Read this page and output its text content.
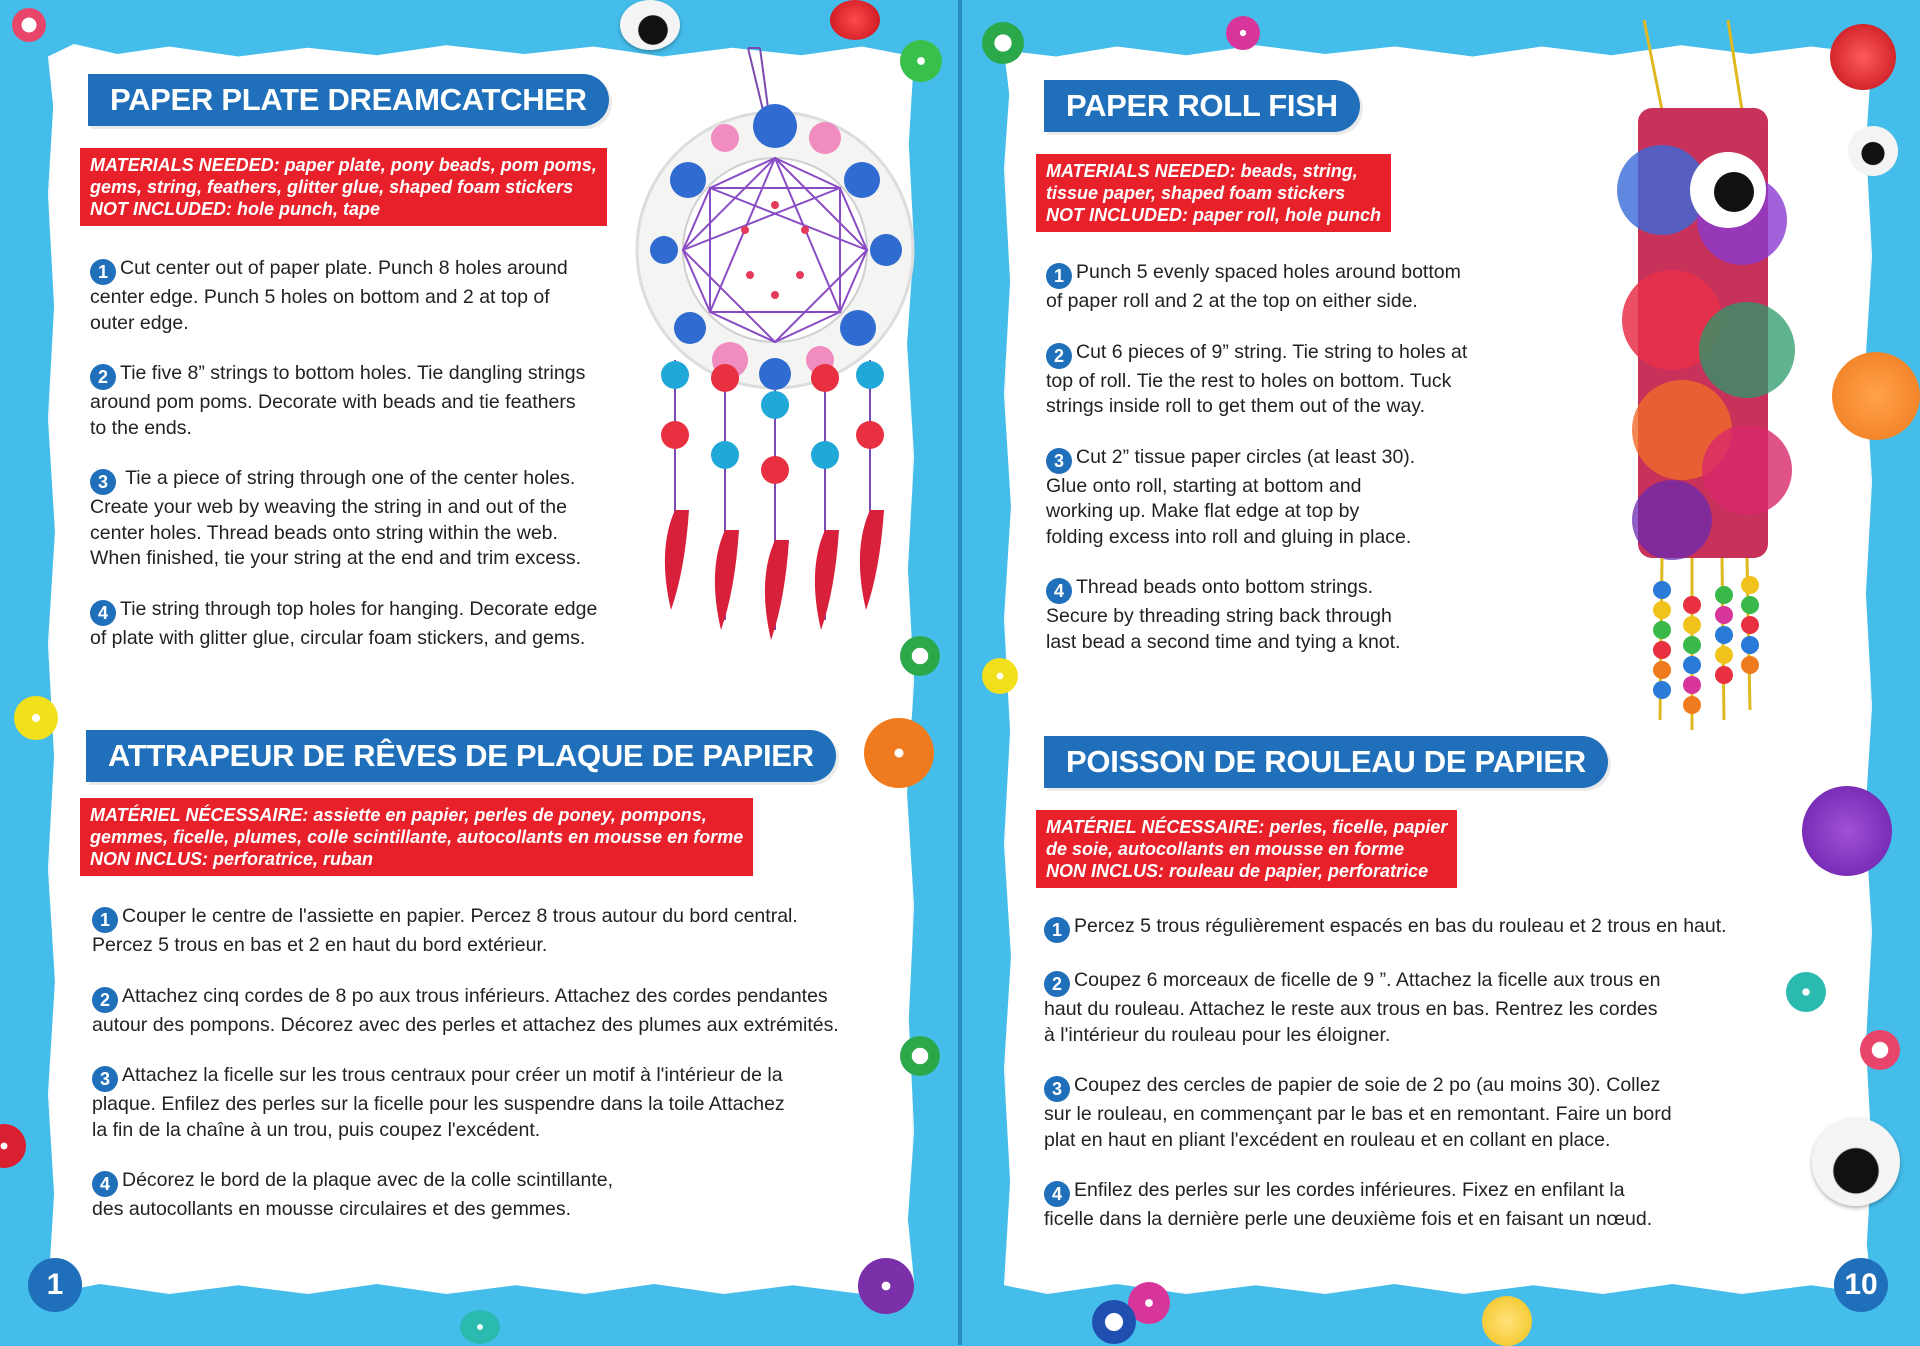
PAPER PLATE DREAMCATCHER
MATERIALS NEEDED: paper plate, pony beads, pom poms,
gems, string, feathers, glitter glue, shaped foam stickers
NOT INCLUDED: hole punch, tape
1 Cut center out of paper plate. Punch 8 holes around
center edge. Punch 5 holes on bottom and 2 at top of
outer edge.
2 Tie five 8” strings to bottom holes. Tie dangling strings
around pom poms. Decorate with beads and tie feathers
to the ends.
3 Tie a piece of string through one of the center holes.
Create your web by weaving the string in and out of the
center holes. Thread beads onto string within the web.
When finished, tie your string at the end and trim excess.
4 Tie string through top holes for hanging. Decorate edge
of plate with glitter glue, circular foam stickers, and gems.
ATTRAPEUR DE RÊVES DE PLAQUE DE PAPIER
MATÉRIEL NÉCESSAIRE: assiette en papier, perles de poney, pompons,
gemmes, ficelle, plumes, colle scintillante, autocollants en mousse en forme
NON INCLUS: perforatrice, ruban
1 Couper le centre de l'assiette en papier. Percez 8 trous autour du bord central.
Percez 5 trous en bas et 2 en haut du bord extérieur.
2 Attachez cinq cordes de 8 po aux trous inférieurs. Attachez des cordes pendantes
autour des pompons. Décorez avec des perles et attachez des plumes aux extrémités.
3 Attachez la ficelle sur les trous centraux pour créer un motif à l'intérieur de la
plaque. Enfilez des perles sur la ficelle pour les suspendre dans la toile Attachez
la fin de la chaîne à un trou, puis coupez l'excédent.
4 Décorez le bord de la plaque avec de la colle scintillante,
des autocollants en mousse circulaires et des gemmes.
1
PAPER ROLL FISH
MATERIALS NEEDED: beads, string,
tissue paper, shaped foam stickers
NOT INCLUDED: paper roll, hole punch
1 Punch 5 evenly spaced holes around bottom
of paper roll and 2 at the top on either side.
2 Cut 6 pieces of 9” string. Tie string to holes at
top of roll. Tie the rest to holes on bottom. Tuck
strings inside roll to get them out of the way.
3 Cut 2” tissue paper circles (at least 30).
Glue onto roll, starting at bottom and
working up. Make flat edge at top by
folding excess into roll and gluing in place.
4 Thread beads onto bottom strings.
Secure by threading string back through
last bead a second time and tying a knot.
POISSON DE ROULEAU DE PAPIER
MATÉRIEL NÉCESSAIRE: perles, ficelle, papier
de soie, autocollants en mousse en forme
NON INCLUS: rouleau de papier, perforatrice
1 Percez 5 trous régulièrement espacés en bas du rouleau et 2 trous en haut.
2 Coupez 6 morceaux de ficelle de 9 ”. Attachez la ficelle aux trous en
haut du rouleau. Attachez le reste aux trous en bas. Rentrez les cordes
à l'intérieur du rouleau pour les éloigner.
3 Coupez des cercles de papier de soie de 2 po (au moins 30). Collez
sur le rouleau, en commençant par le bas et en remontant. Faire un bord
plat en haut en pliant l'excédent en rouleau et en collant en place.
4 Enfilez des perles sur les cordes inférieures. Fixez en enfilant la
ficelle dans la dernière perle une deuxième fois et en faisant un nœud.
10
